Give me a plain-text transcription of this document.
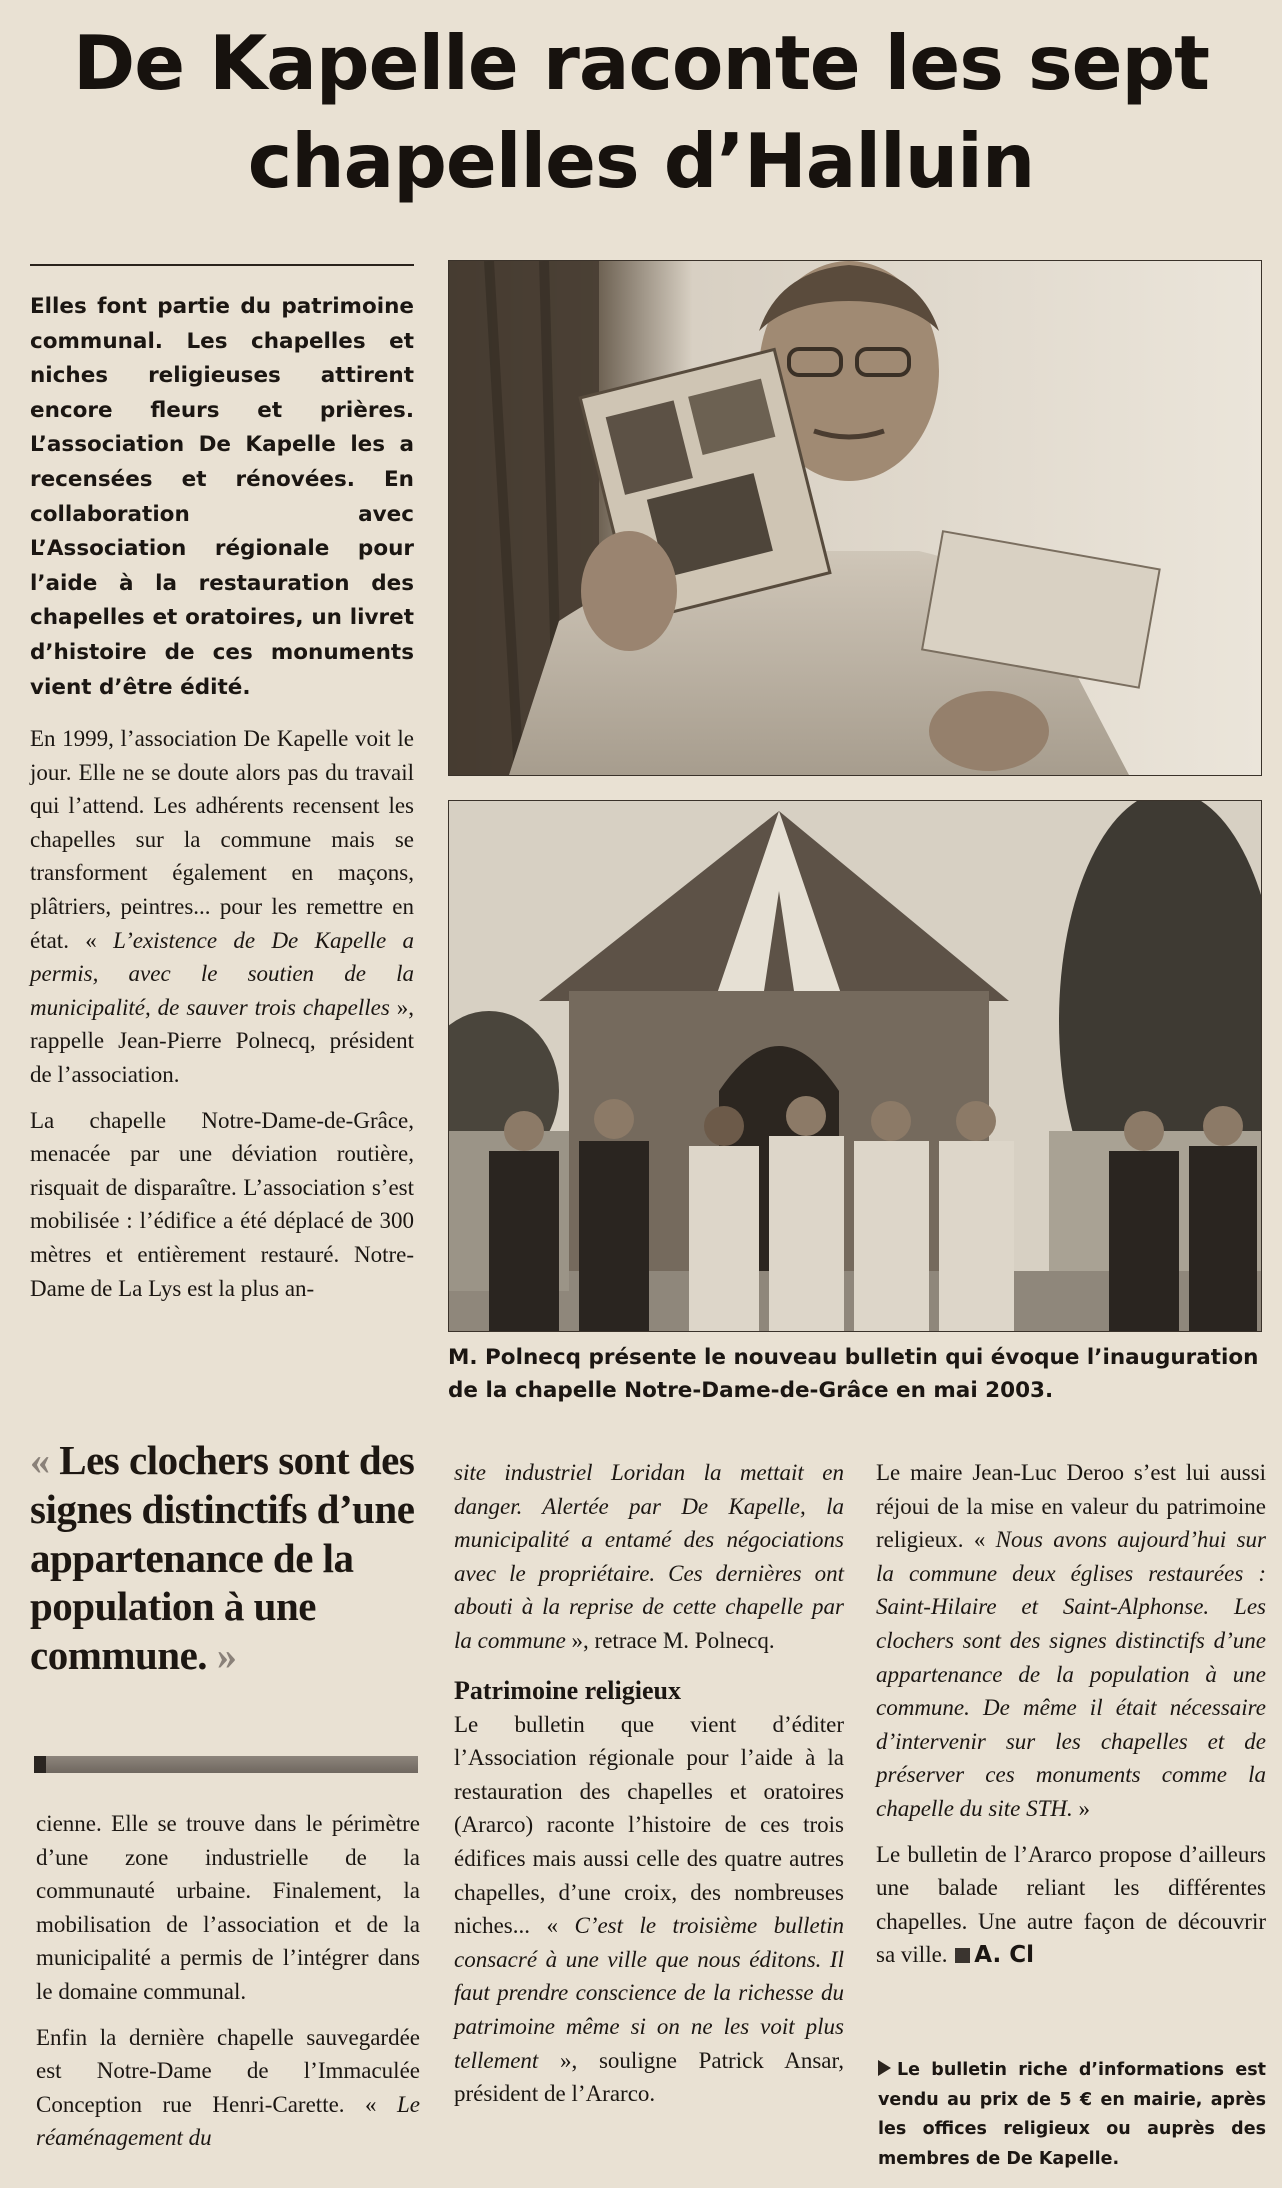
De Kapelle raconte les sept
chapelles d’Halluin
Elles font partie du patrimoine communal. Les chapelles et niches religieuses attirent encore fleurs et prières. L’association De Kapelle les a recensées et rénovées. En collaboration avec L’Association régionale pour l’aide à la restauration des chapelles et oratoires, un livret d’histoire de ces monuments vient d’être édité.

En 1999, l’association De Kapelle voit le jour. Elle ne se doute alors pas du travail qui l’attend. Les adhérents recensent les chapelles sur la commune mais se transforment également en maçons, plâtriers, peintres... pour les remettre en état. « L’existence de De Kapelle a permis, avec le soutien de la municipalité, de sauver trois chapelles », rappelle Jean-Pierre Polnecq, président de l’association.

La chapelle Notre-Dame-de-Grâce, menacée par une déviation routière, risquait de disparaître. L’association s’est mobilisée : l’édifice a été déplacé de 300 mètres et entièrement restauré. Notre-Dame de La Lys est la plus an-

« Les clochers sont des signes distinctifs d’une appartenance de la population à une commune. »

cienne. Elle se trouve dans le périmètre d’une zone industrielle de la communauté urbaine. Finalement, la mobilisation de l’association et de la municipalité a permis de l’intégrer dans le domaine communal.

Enfin la dernière chapelle sauvegardée est Notre-Dame de l’Immaculée Conception rue Henri-Carette. « Le réaménagement du

M. Polnecq présente le nouveau bulletin qui évoque l’inauguration de la chapelle Notre-Dame-de-Grâce en mai 2003.

site industriel Loridan la mettait en danger. Alertée par De Kapelle, la municipalité a entamé des négociations avec le propriétaire. Ces dernières ont abouti à la reprise de cette chapelle par la commune », retrace M. Polnecq.

Patrimoine religieux

Le bulletin que vient d’éditer l’Association régionale pour l’aide à la restauration des chapelles et oratoires (Ararco) raconte l’histoire de ces trois édifices mais aussi celle des quatre autres chapelles, d’une croix, des nombreuses niches... « C’est le troisième bulletin consacré à une ville que nous éditons. Il faut prendre conscience de la richesse du patrimoine même si on ne les voit plus tellement », souligne Patrick Ansar, président de l’Ararco.

Le maire Jean-Luc Deroo s’est lui aussi réjoui de la mise en valeur du patrimoine religieux. « Nous avons aujourd’hui sur la commune deux églises restaurées : Saint-Hilaire et Saint-Alphonse. Les clochers sont des signes distinctifs d’une appartenance de la population à une commune. De même il était nécessaire d’intervenir sur les chapelles et de préserver ces monuments comme la chapelle du site STH. »

Le bulletin de l’Ararco propose d’ailleurs une balade reliant les différentes chapelles. Une autre façon de découvrir sa ville. A. Cl

Le bulletin riche d’informations est vendu au prix de 5 € en mairie, après les offices religieux ou auprès des membres de De Kapelle.
